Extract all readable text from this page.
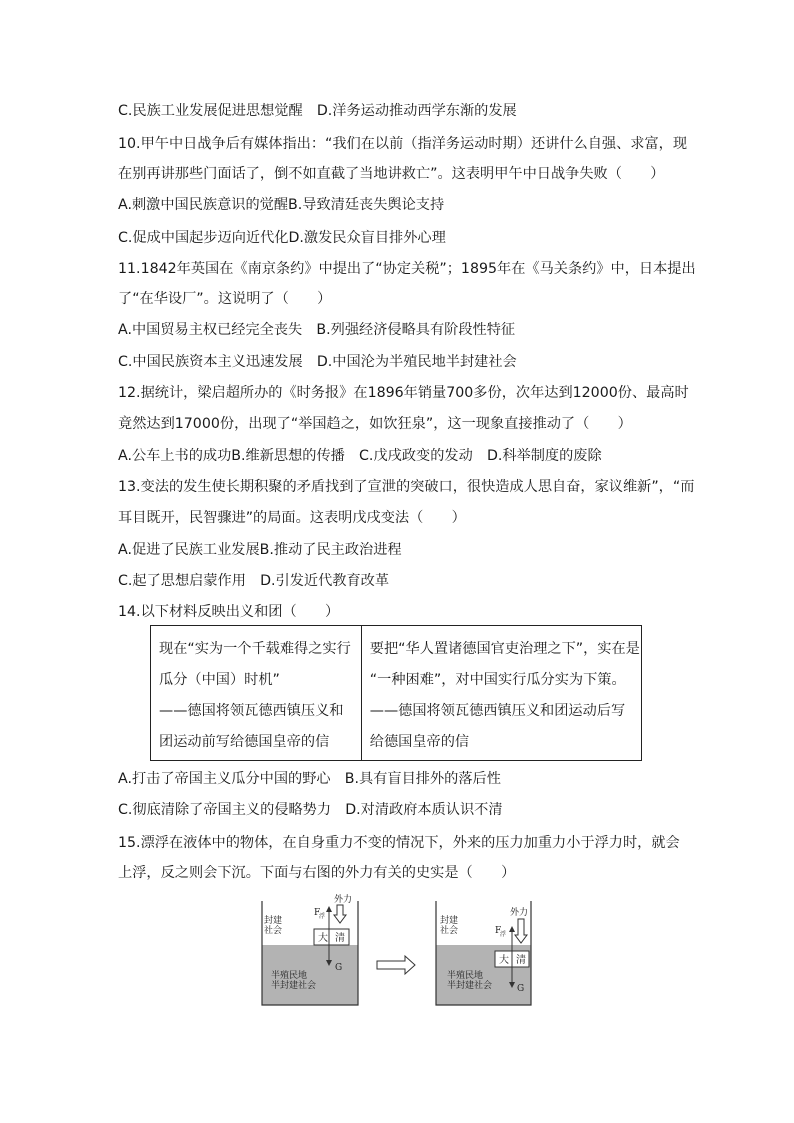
C.民族工业发展促进思想觉醒　D.洋务运动推动西学东渐的发展
10.甲午中日战争后有媒体指出：“我们在以前（指洋务运动时期）还讲什么自强、求富，现
在别再讲那些门面话了，倒不如直截了当地讲救亡”。这表明甲午中日战争失败（　　）
A.刺激中国民族意识的觉醒B.导致清廷丧失舆论支持
C.促成中国起步迈向近代化D.激发民众盲目排外心理
11.1842年英国在《南京条约》中提出了“协定关税”；1895年在《马关条约》中，日本提出
了“在华设厂”。这说明了（　　）
A.中国贸易主权已经完全丧失　B.列强经济侵略具有阶段性特征
C.中国民族资本主义迅速发展　D.中国沦为半殖民地半封建社会
12.据统计，梁启超所办的《时务报》在1896年销量700多份，次年达到12000份、最高时
竟然达到17000份，出现了“举国趋之，如饮狂泉”，这一现象直接推动了（　　）
A.公车上书的成功B.维新思想的传播　C.戊戌政变的发动　D.科举制度的废除
13.变法的发生使长期积聚的矛盾找到了宣泄的突破口，很快造成人思自奋，家议维新”，“而
耳目既开，民智骤进”的局面。这表明戊戌变法（　　）
A.促进了民族工业发展B.推动了民主政治进程
C.起了思想启蒙作用　D.引发近代教育改革
14.以下材料反映出义和团（　　）
现在“实为一个千载难得之实行
瓜分（中国）时机”
——德国将领瓦德西镇压义和
团运动前写给德国皇帝的信
要把“华人置诸德国官吏治理之下”，实在是
“一种困难”，对中国实行瓜分实为下策。
——德国将领瓦德西镇压义和团运动后写
给德国皇帝的信
A.打击了帝国主义瓜分中国的野心　B.具有盲目排外的落后性
C.彻底清除了帝国主义的侵略势力　D.对清政府本质认识不清
15.漂浮在液体中的物体，在自身重力不变的情况下，外来的压力加重力小于浮力时，就会
上浮，反之则会下沉。下面与右图的外力有关的史实是（　　）
封建
社会
半殖民地
半封建社会
大 清
F
浮
G
外力
封建
社会
半殖民地
半封建社会
大 清
F
浮
G
外力
